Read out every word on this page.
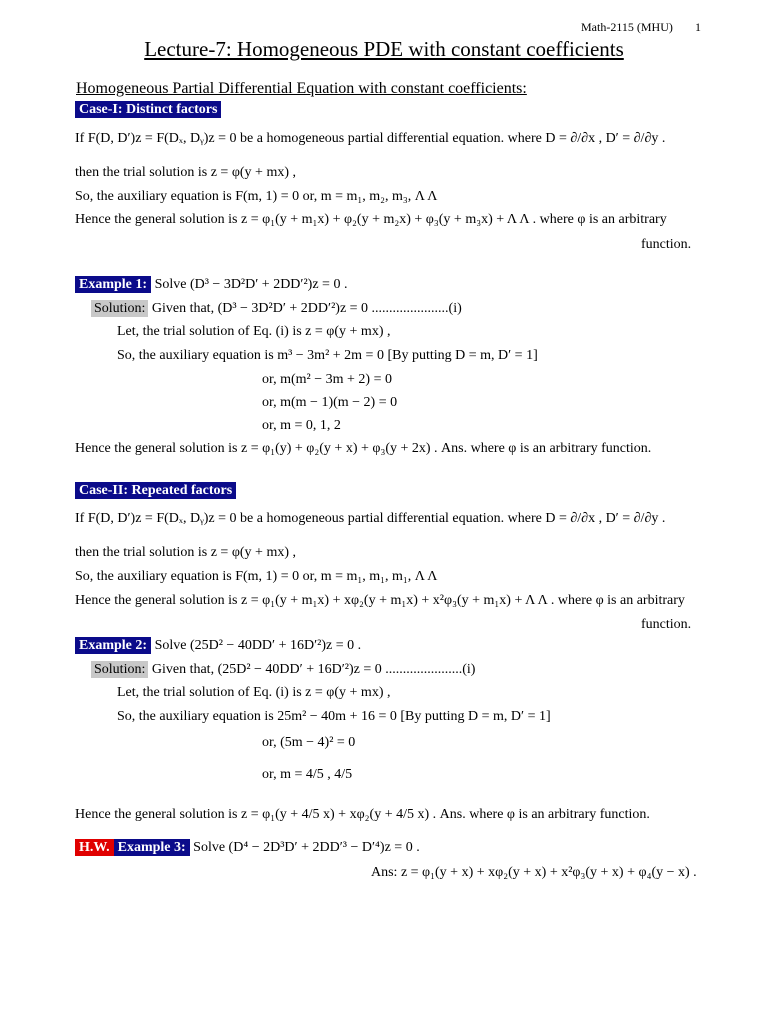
Math-2115 (MHU) 1
Lecture-7: Homogeneous PDE with constant coefficients
Homogeneous Partial Differential Equation with constant coefficients:
Case-I: Distinct factors
If F(D, D′)z = F(Dₓ, Dᵧ)z = 0 be a homogeneous partial differential equation. where D = ∂/∂x , D′ = ∂/∂y .
then the trial solution is z = φ(y + mx) ,
So, the auxiliary equation is F(m, 1) = 0 or, m = m₁, m₂, m₃, Λ Λ
Hence the general solution is z = φ₁(y + m₁x) + φ₂(y + m₂x) + φ₃(y + m₃x) + Λ Λ . where φ is an arbitrary
function.
Example 1: Solve (D³ − 3D²D′ + 2DD′²)z = 0 .
Solution: Given that, (D³ − 3D²D′ + 2DD′²)z = 0 ......................(i)
Let, the trial solution of Eq. (i) is z = φ(y + mx) ,
So, the auxiliary equation is m³ − 3m² + 2m = 0 [By putting D = m, D′ = 1]
or, m(m² − 3m + 2) = 0
or, m(m − 1)(m − 2) = 0
or, m = 0, 1, 2
Hence the general solution is z = φ₁(y) + φ₂(y + x) + φ₃(y + 2x) . Ans. where φ is an arbitrary function.
Case-II: Repeated factors
If F(D, D′)z = F(Dₓ, Dᵧ)z = 0 be a homogeneous partial differential equation. where D = ∂/∂x , D′ = ∂/∂y .
then the trial solution is z = φ(y + mx) ,
So, the auxiliary equation is F(m, 1) = 0 or, m = m₁, m₁, m₁, Λ Λ
Hence the general solution is z = φ₁(y + m₁x) + xφ₂(y + m₁x) + x²φ₃(y + m₁x) + Λ Λ . where φ is an arbitrary
function.
Example 2: Solve (25D² − 40DD′ + 16D′²)z = 0 .
Solution: Given that, (25D² − 40DD′ + 16D′²)z = 0 ......................(i)
Let, the trial solution of Eq. (i) is z = φ(y + mx) ,
So, the auxiliary equation is 25m² − 40m + 16 = 0 [By putting D = m, D′ = 1]
or, (5m − 4)² = 0
or, m = 4/5 , 4/5
Hence the general solution is z = φ₁(y + 4/5 x) + xφ₂(y + 4/5 x) . Ans. where φ is an arbitrary function.
H.W. Example 3: Solve (D⁴ − 2D³D′ + 2DD′³ − D′⁴)z = 0 .
Ans: z = φ₁(y + x) + xφ₂(y + x) + x²φ₃(y + x) + φ₄(y − x) .
